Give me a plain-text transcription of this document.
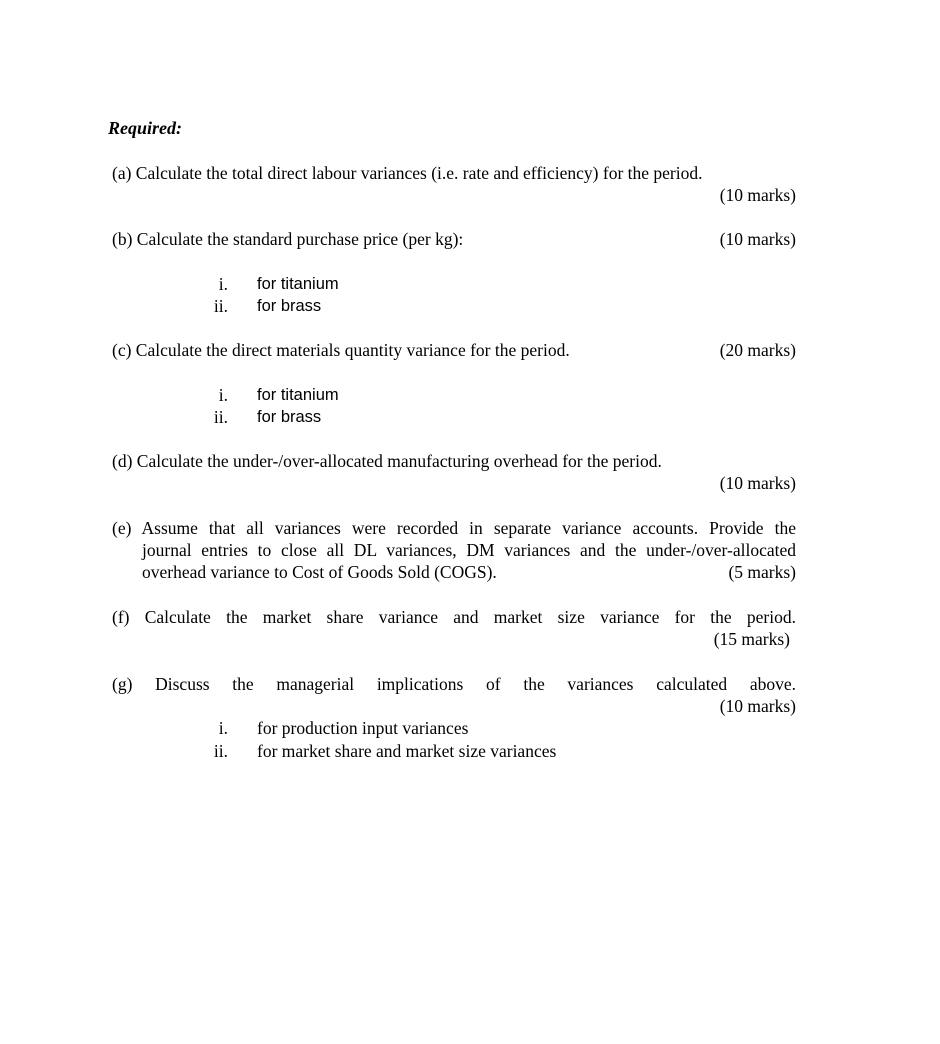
Required:
(a) Calculate the total direct labour variances (i.e. rate and efficiency) for the period.
(10 marks)
(b) Calculate the standard purchase price (per kg):	(10 marks)
i. for titanium
ii. for brass
(c) Calculate the direct materials quantity variance for the period.	(20 marks)
i. for titanium
ii. for brass
(d) Calculate the under-/over-allocated manufacturing overhead for the period.
(10 marks)
(e) Assume that all variances were recorded in separate variance accounts. Provide the
journal entries to close all DL variances, DM variances and the under-/over-allocated
overhead variance to Cost of Goods Sold (COGS).	(5 marks)
(f) Calculate the market share variance and market size variance for the period.
(15 marks)
(g) Discuss the managerial implications of the variances calculated above.
(10 marks)
i. for production input variances
ii. for market share and market size variances
